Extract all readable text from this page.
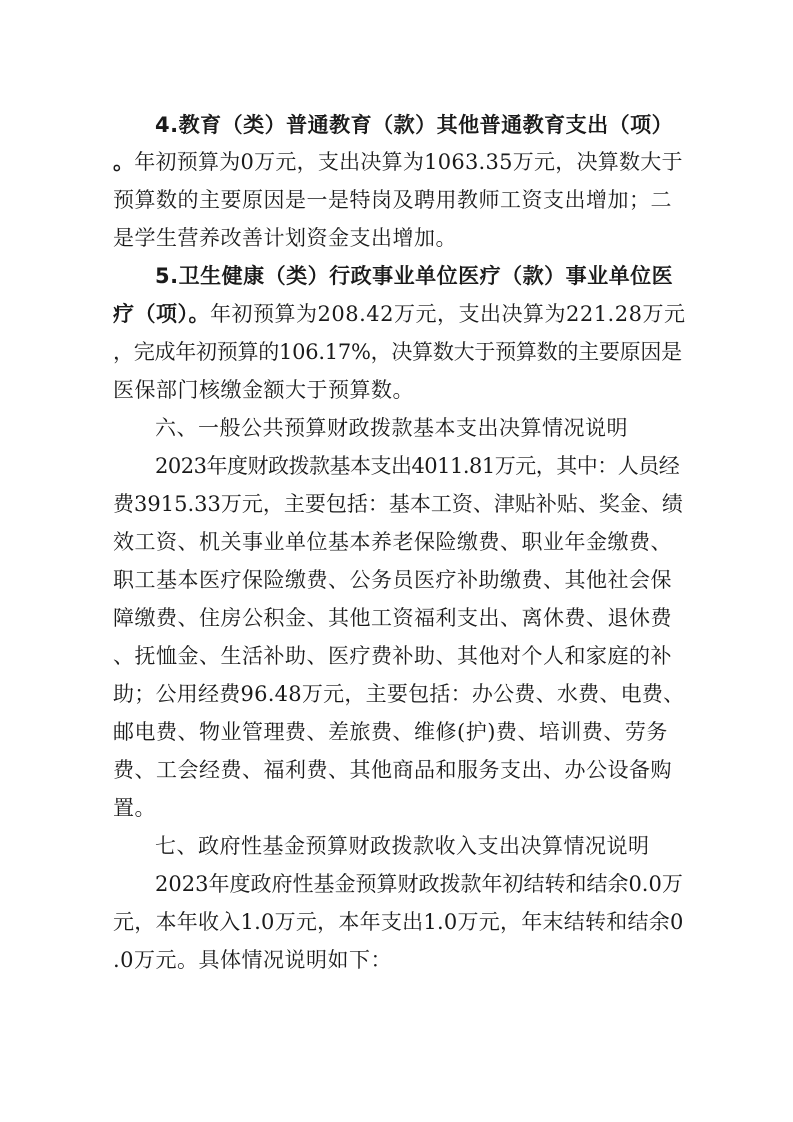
4.教育（类）普通教育（款）其他普通教育支出（项）
。年初预算为0万元，支出决算为1063.35万元，决算数大于
预算数的主要原因是一是特岗及聘用教师工资支出增加；二
是学生营养改善计划资金支出增加。
5.卫生健康（类）行政事业单位医疗（款）事业单位医
疗（项）。年初预算为208.42万元，支出决算为221.28万元
，完成年初预算的106.17%，决算数大于预算数的主要原因是
医保部门核缴金额大于预算数。
六、一般公共预算财政拨款基本支出决算情况说明
2023年度财政拨款基本支出4011.81万元，其中：人员经
费3915.33万元，主要包括：基本工资、津贴补贴、奖金、绩
效工资、机关事业单位基本养老保险缴费、职业年金缴费、
职工基本医疗保险缴费、公务员医疗补助缴费、其他社会保
障缴费、住房公积金、其他工资福利支出、离休费、退休费
、抚恤金、生活补助、医疗费补助、其他对个人和家庭的补
助；公用经费96.48万元，主要包括：办公费、水费、电费、
邮电费、物业管理费、差旅费、维修(护)费、培训费、劳务
费、工会经费、福利费、其他商品和服务支出、办公设备购
置。
七、政府性基金预算财政拨款收入支出决算情况说明
2023年度政府性基金预算财政拨款年初结转和结余0.0万
元，本年收入1.0万元，本年支出1.0万元，年末结转和结余0
.0万元。具体情况说明如下：
